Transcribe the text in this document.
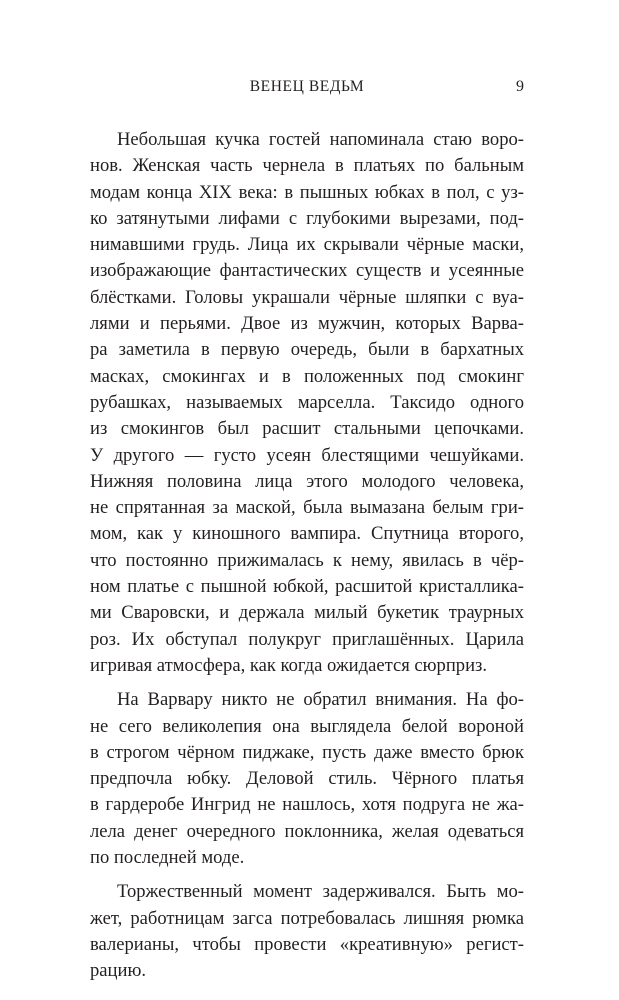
ВЕНЕЦ ВЕДЬМ	9

Небольшая кучка гостей напоминала стаю воро-
нов. Женская часть чернела в платьях по бальным
модам конца XIX века: в пышных юбках в пол, с уз-
ко затянутыми лифами с глубокими вырезами, под-
нимавшими грудь. Лица их скрывали чёрные маски,
изображающие фантастических существ и усеянные
блёстками. Головы украшали чёрные шляпки с вуа-
лями и перьями. Двое из мужчин, которых Варва-
ра заметила в первую очередь, были в бархатных
масках, смокингах и в положенных под смокинг
рубашках, называемых марселла. Таксидо одного
из смокингов был расшит стальными цепочками.
У другого — густо усеян блестящими чешуйками.
Нижняя половина лица этого молодого человека,
не спрятанная за маской, была вымазана белым гри-
мом, как у киношного вампира. Спутница второго,
что постоянно прижималась к нему, явилась в чёр-
ном платье с пышной юбкой, расшитой кристаллика-
ми Сваровски, и держала милый букетик траурных
роз. Их обступал полукруг приглашённых. Царила
игривая атмосфера, как когда ожидается сюрприз.

На Варвару никто не обратил внимания. На фо-
не сего великолепия она выглядела белой вороной
в строгом чёрном пиджаке, пусть даже вместо брюк
предпочла юбку. Деловой стиль. Чёрного платья
в гардеробе Ингрид не нашлось, хотя подруга не жа-
лела денег очередного поклонника, желая одеваться
по последней моде.

Торжественный момент задерживался. Быть мо-
жет, работницам загса потребовалась лишняя рюмка
валерианы, чтобы провести «креативную» регист-
рацию.
